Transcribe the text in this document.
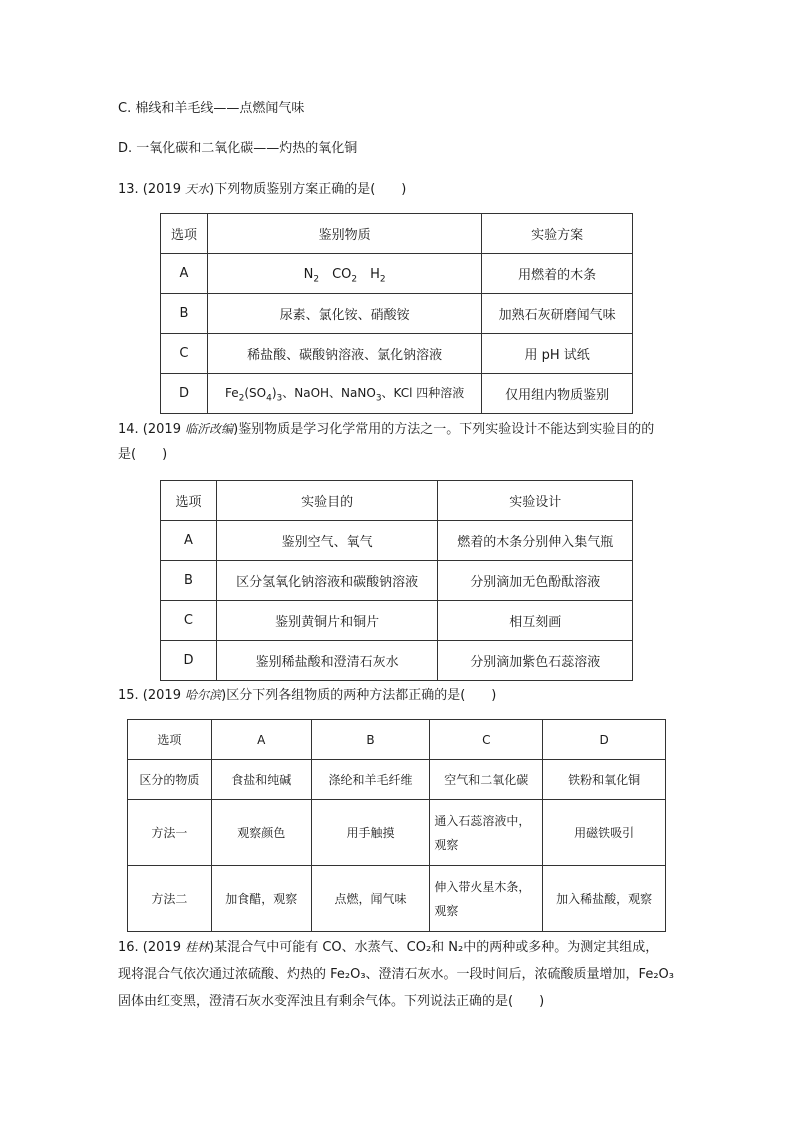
C. 棉线和羊毛线——点燃闻气味
D. 一氧化碳和二氧化碳——灼热的氧化铜
13. (2019 天水)下列物质鉴别方案正确的是(　　)
选项	鉴别物质	实验方案
A	$N_2$　$CO_2$　$H_2$	用燃着的木条
B	尿素、氯化铵、硝酸铵	加熟石灰研磨闻气味
C	稀盐酸、碳酸钠溶液、氯化钠溶液	用 pH 试纸
D	$Fe_2(SO_4)_3$、NaOH、NaNO$_3$、KCl 四种溶液	仅用组内物质鉴别
14. (2019 临沂改编)鉴别物质是学习化学常用的方法之一。下列实验设计不能达到实验目的的
是(　　)
选项	实验目的	实验设计
A	鉴别空气、氧气	燃着的木条分别伸入集气瓶
B	区分氢氧化钠溶液和碳酸钠溶液	分别滴加无色酚酞溶液
C	鉴别黄铜片和铜片	相互刻画
D	鉴别稀盐酸和澄清石灰水	分别滴加紫色石蕊溶液
15. (2019 哈尔滨)区分下列各组物质的两种方法都正确的是(　　)
选项	A	B	C	D
区分的物质	食盐和纯碱	涤纶和羊毛纤维	空气和二氧化碳	铁粉和氧化铜
方法一	观察颜色	用手触摸	通入石蕊溶液中，观察	用磁铁吸引
方法二	加食醋，观察	点燃，闻气味	伸入带火星木条，观察	加入稀盐酸，观察
16. (2019 桂林)某混合气中可能有 CO、水蒸气、CO₂和 N₂中的两种或多种。为测定其组成，
现将混合气依次通过浓硫酸、灼热的 Fe₂O₃、澄清石灰水。一段时间后，浓硫酸质量增加，Fe₂O₃
固体由红变黑，澄清石灰水变浑浊且有剩余气体。下列说法正确的是(　　)
